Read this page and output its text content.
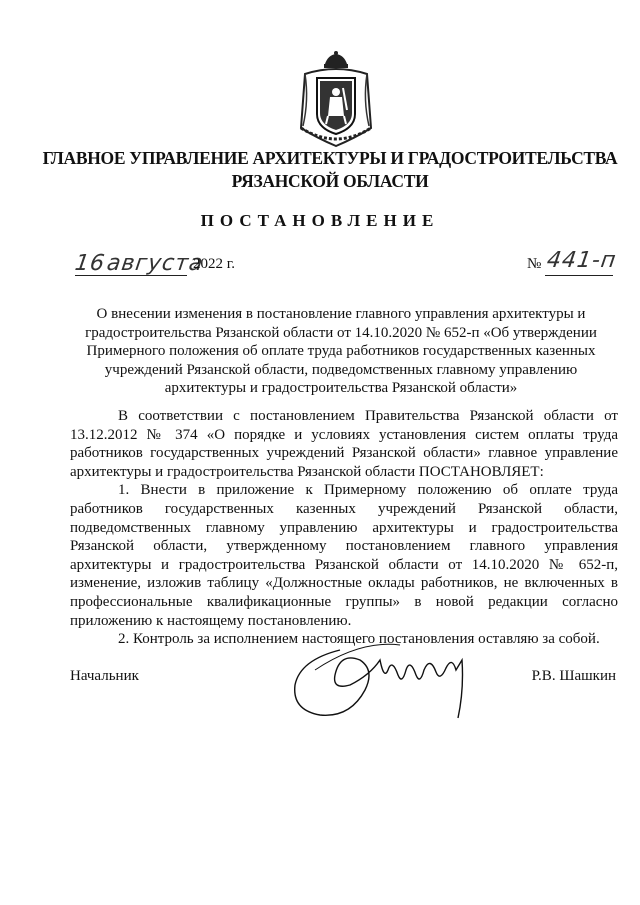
ГЛАВНОЕ УПРАВЛЕНИЕ АРХИТЕКТУРЫ И ГРАДОСТРОИТЕЛЬСТВА
РЯЗАНСКОЙ ОБЛАСТИ
ПОСТАНОВЛЕНИЕ
16
августа
2022 г.	№ 441-п
О внесении изменения в постановление главного управления архитектуры и градостроительства Рязанской области от 14.10.2020 № 652-п «Об утверждении Примерного положения об оплате труда работников государственных казенных учреждений Рязанской области, подведомственных главному управлению архитектуры и градостроительства Рязанской области»

В соответствии с постановлением Правительства Рязанской области от 13.12.2012 № 374 «О порядке и условиях установления систем оплаты труда работников государственных учреждений Рязанской области» главное управление архитектуры и градостроительства Рязанской области ПОСТАНОВЛЯЕТ:

1. Внести в приложение к Примерному положению об оплате труда работников государственных казенных учреждений Рязанской области, подведомственных главному управлению архитектуры и градостроительства Рязанской области, утвержденному постановлением главного управления архитектуры и градостроительства Рязанской области от 14.10.2020 № 652-п, изменение, изложив таблицу «Должностные оклады работников, не включенных в профессиональные квалификационные группы» в новой редакции согласно приложению к настоящему постановлению.

2. Контроль за исполнением настоящего постановления оставляю за собой.

Начальник	Р.В. Шашкин
